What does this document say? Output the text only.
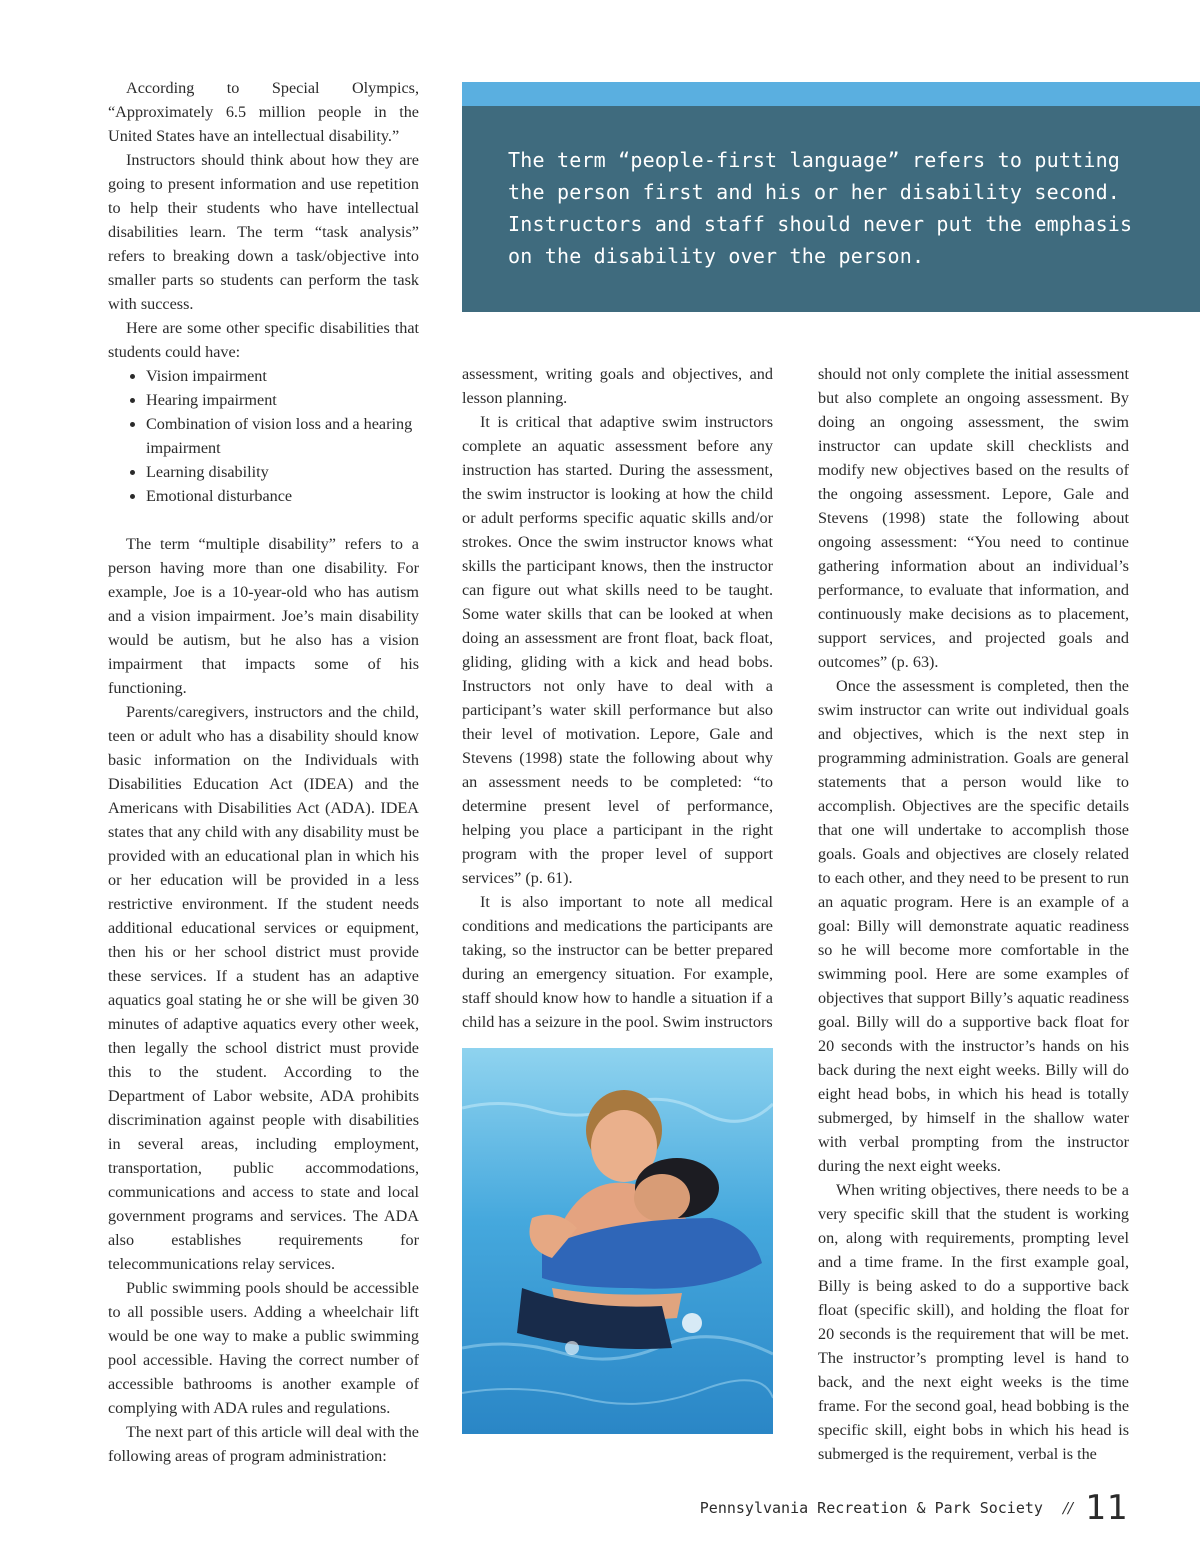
According to Special Olympics, “Approximately 6.5 million people in the United States have an intellectual disability.”

Instructors should think about how they are going to present information and use repetition to help their students who have intellectual disabilities learn. The term “task analysis” refers to breaking down a task/objective into smaller parts so students can perform the task with success.

Here are some other specific disabilities that students could have:

• Vision impairment
• Hearing impairment
• Combination of vision loss and a hearing impairment
• Learning disability
• Emotional disturbance

The term “multiple disability” refers to a person having more than one disability. For example, Joe is a 10-year-old who has autism and a vision impairment. Joe’s main disability would be autism, but he also has a vision impairment that impacts some of his functioning.

Parents/caregivers, instructors and the child, teen or adult who has a disability should know basic information on the Individuals with Disabilities Education Act (IDEA) and the Americans with Disabilities Act (ADA). IDEA states that any child with any disability must be provided with an educational plan in which his or her education will be provided in a less restrictive environment. If the student needs additional educational services or equipment, then his or her school district must provide these services. If a student has an adaptive aquatics goal stating he or she will be given 30 minutes of adaptive aquatics every other week, then legally the school district must provide this to the student. According to the Department of Labor website, ADA prohibits discrimination against people with disabilities in several areas, including employment, transportation, public accommodations, communications and access to state and local government programs and services. The ADA also establishes requirements for telecommunications relay services.

Public swimming pools should be accessible to all possible users. Adding a wheelchair lift would be one way to make a public swimming pool accessible. Having the correct number of accessible bathrooms is another example of complying with ADA rules and regulations.

The next part of this article will deal with the following areas of program administration:

The term “people-first language” refers to putting the person first and his or her disability second. Instructors and staff should never put the emphasis on the disability over the person.

assessment, writing goals and objectives, and lesson planning.

It is critical that adaptive swim instructors complete an aquatic assessment before any instruction has started. During the assessment, the swim instructor is looking at how the child or adult performs specific aquatic skills and/or strokes. Once the swim instructor knows what skills the participant knows, then the instructor can figure out what skills need to be taught. Some water skills that can be looked at when doing an assessment are front float, back float, gliding, gliding with a kick and head bobs. Instructors not only have to deal with a participant’s water skill performance but also their level of motivation. Lepore, Gale and Stevens (1998) state the following about why an assessment needs to be completed: “to determine present level of performance, helping you place a participant in the right program with the proper level of support services” (p. 61).

It is also important to note all medical conditions and medications the participants are taking, so the instructor can be better prepared during an emergency situation. For example, staff should know how to handle a situation if a child has a seizure in the pool. Swim instructors

should not only complete the initial assessment but also complete an ongoing assessment. By doing an ongoing assessment, the swim instructor can update skill checklists and modify new objectives based on the results of the ongoing assessment. Lepore, Gale and Stevens (1998) state the following about ongoing assessment: “You need to continue gathering information about an individual’s performance, to evaluate that information, and continuously make decisions as to placement, support services, and projected goals and outcomes” (p. 63).

Once the assessment is completed, then the swim instructor can write out individual goals and objectives, which is the next step in programming administration. Goals are general statements that a person would like to accomplish. Objectives are the specific details that one will undertake to accomplish those goals. Goals and objectives are closely related to each other, and they need to be present to run an aquatic program. Here is an example of a goal: Billy will demonstrate aquatic readiness so he will become more comfortable in the swimming pool. Here are some examples of objectives that support Billy’s aquatic readiness goal. Billy will do a supportive back float for 20 seconds with the instructor’s hands on his back during the next eight weeks. Billy will do eight head bobs, in which his head is totally submerged, by himself in the shallow water with verbal prompting from the instructor during the next eight weeks.

When writing objectives, there needs to be a very specific skill that the student is working on, along with requirements, prompting level and a time frame. In the first example goal, Billy is being asked to do a supportive back float (specific skill), and holding the float for 20 seconds is the requirement that will be met. The instructor’s prompting level is hand to back, and the next eight weeks is the time frame. For the second goal, head bobbing is the specific skill, eight bobs in which his head is submerged is the requirement, verbal is the

Pennsylvania Recreation & Park Society // 11
